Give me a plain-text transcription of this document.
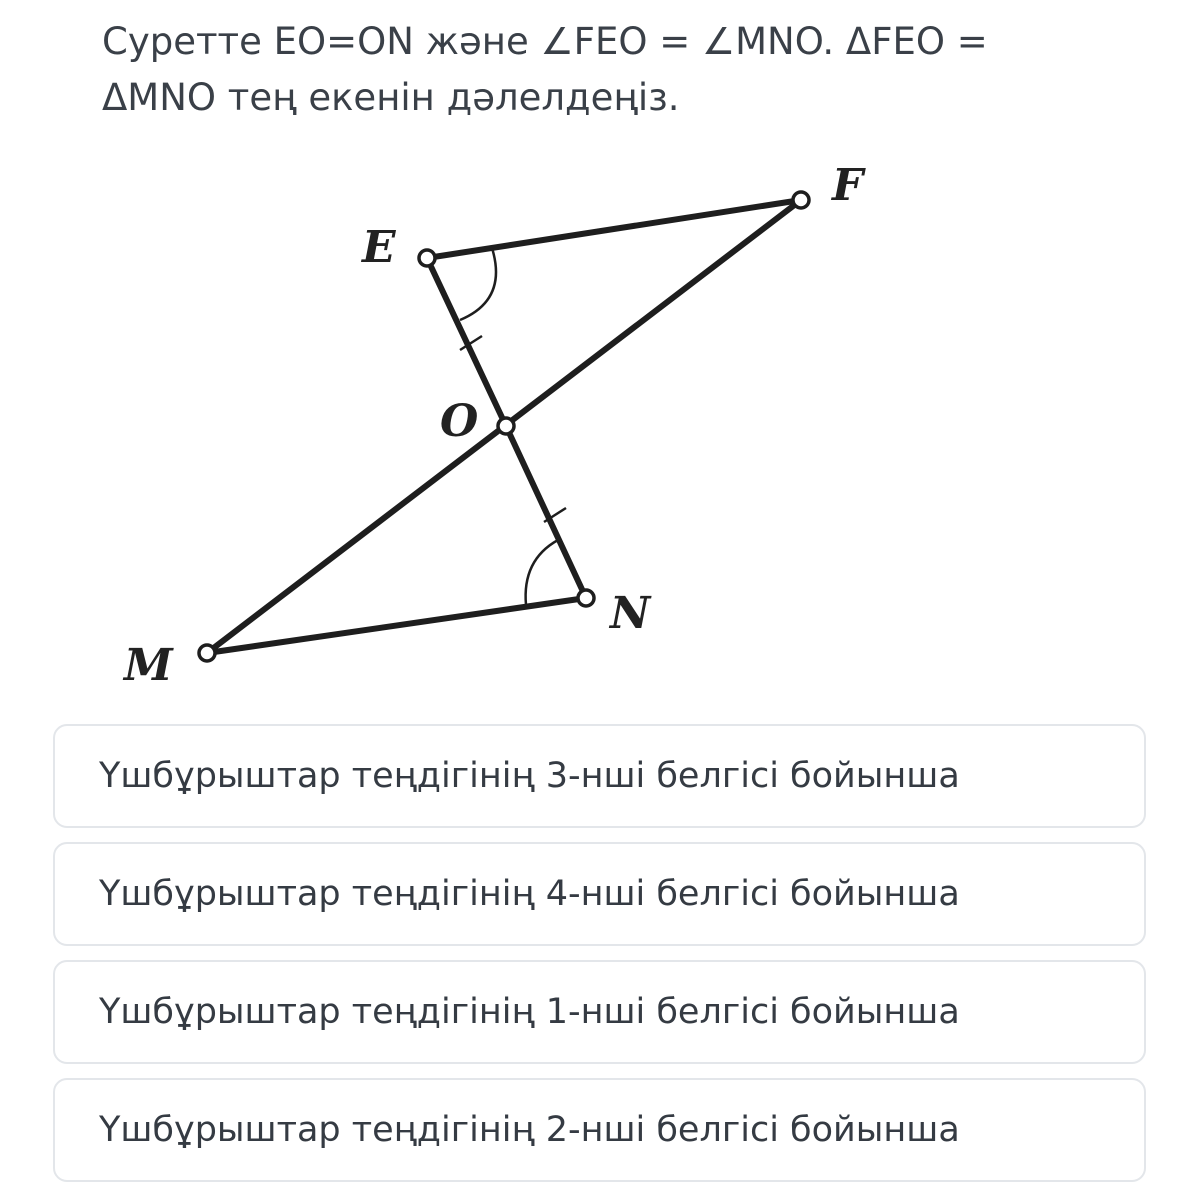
Суретте EO=ON және ∠FEO = ∠MNO. ΔFEO =
ΔMNO тең екенін дәлелдеңіз.
E
F
O
M
N
Үшбұрыштар теңдігінің 3-нші белгісі бойынша
Үшбұрыштар теңдігінің 4-нші белгісі бойынша
Үшбұрыштар теңдігінің 1-нші белгісі бойынша
Үшбұрыштар теңдігінің 2-нші белгісі бойынша
